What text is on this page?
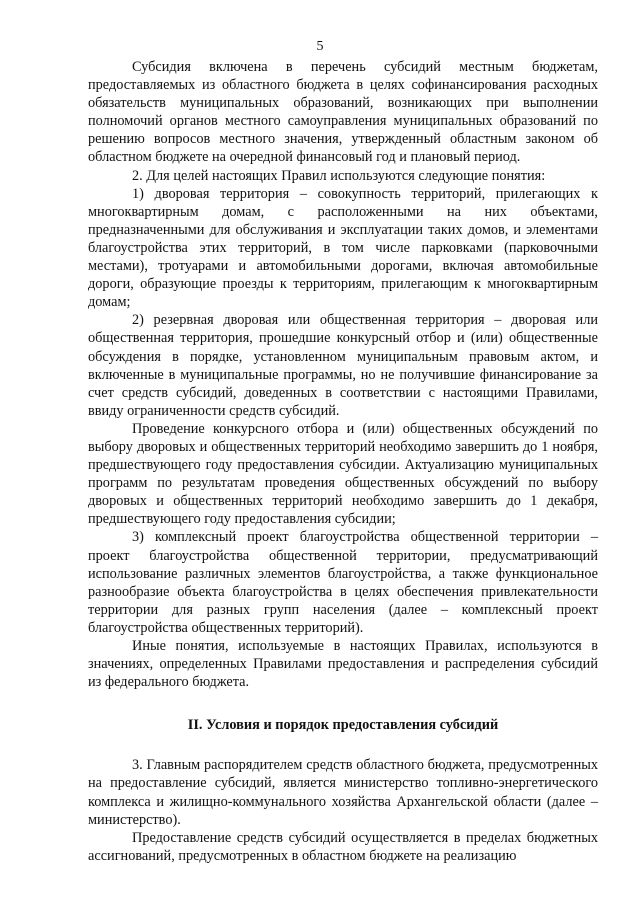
5

Субсидия включена в перечень субсидий местным бюджетам, предоставляемых из областного бюджета в целях софинансирования расходных обязательств муниципальных образований, возникающих при выполнении полномочий органов местного самоуправления муниципальных образований по решению вопросов местного значения, утвержденный областным законом об областном бюджете на очередной финансовый год и плановый период.

2. Для целей настоящих Правил используются следующие понятия:

1) дворовая территория – совокупность территорий, прилегающих к многоквартирным домам, с расположенными на них объектами, предназначенными для обслуживания и эксплуатации таких домов, и элементами благоустройства этих территорий, в том числе парковками (парковочными местами), тротуарами и автомобильными дорогами, включая автомобильные дороги, образующие проезды к территориям, прилегающим к многоквартирным домам;

2) резервная дворовая или общественная территория – дворовая или общественная территория, прошедшие конкурсный отбор и (или) общественные обсуждения в порядке, установленном муниципальным правовым актом, и включенные в муниципальные программы, но не получившие финансирование за счет средств субсидий, доведенных в соответствии с настоящими Правилами, ввиду ограниченности средств субсидий.

Проведение конкурсного отбора и (или) общественных обсуждений по выбору дворовых и общественных территорий необходимо завершить до 1 ноября, предшествующего году предоставления субсидии. Актуализацию муниципальных программ по результатам проведения общественных обсуждений по выбору дворовых и общественных территорий необходимо завершить до 1 декабря, предшествующего году предоставления субсидии;

3) комплексный проект благоустройства общественной территории – проект благоустройства общественной территории, предусматривающий использование различных элементов благоустройства, а также функциональное разнообразие объекта благоустройства в целях обеспечения привлекательности территории для разных групп населения (далее – комплексный проект благоустройства общественных территорий).

Иные понятия, используемые в настоящих Правилах, используются в значениях, определенных Правилами предоставления и распределения субсидий из федерального бюджета.

II. Условия и порядок предоставления субсидий

3. Главным распорядителем средств областного бюджета, предусмотренных на предоставление субсидий, является министерство топливно-энергетического комплекса и жилищно-коммунального хозяйства Архангельской области (далее – министерство).

Предоставление средств субсидий осуществляется в пределах бюджетных ассигнований, предусмотренных в областном бюджете на реализацию
